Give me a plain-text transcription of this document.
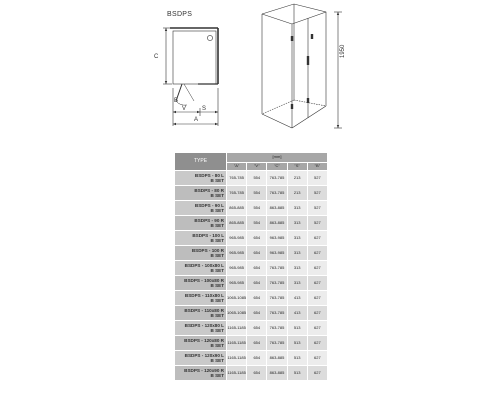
BSDPS
C
B
V	S
A
1950
TYPE	[mm]				
	"A"	"V"	"C"	"S"	"B"
BSDPS - 80 L
B SET	765-785	554	763-785	213	527
BSDPS - 80 R
B SET	765-785	554	763-785	213	527
BSDPS - 90 L
B SET	865-885	554	863-885	313	527
BSDPS - 90 R
B SET	865-885	554	863-885	313	527
BSDPS - 100 L
B SET	965-985	654	963-985	313	627
BSDPS - 100 R
B SET	965-985	654	963-985	313	627
BSDPS - 100x80 L
B SET	965-985	654	763-785	313	627
BSDPS - 100x80 R
B SET	965-985	654	763-785	313	627
BSDPS - 110x80 L
B SET	1065-1085	654	763-785	413	627
BSDPS - 110x80 R
B SET	1065-1085	654	763-785	413	627
BSDPS - 120x80 L
B SET	1165-1185	654	763-785	513	627
BSDPS - 120x80 R
B SET	1165-1185	654	763-785	513	627
BSDPS - 120x90 L
B SET	1165-1185	654	863-885	513	627
BSDPS - 120x90 R
B SET	1165-1185	654	863-885	513	627
